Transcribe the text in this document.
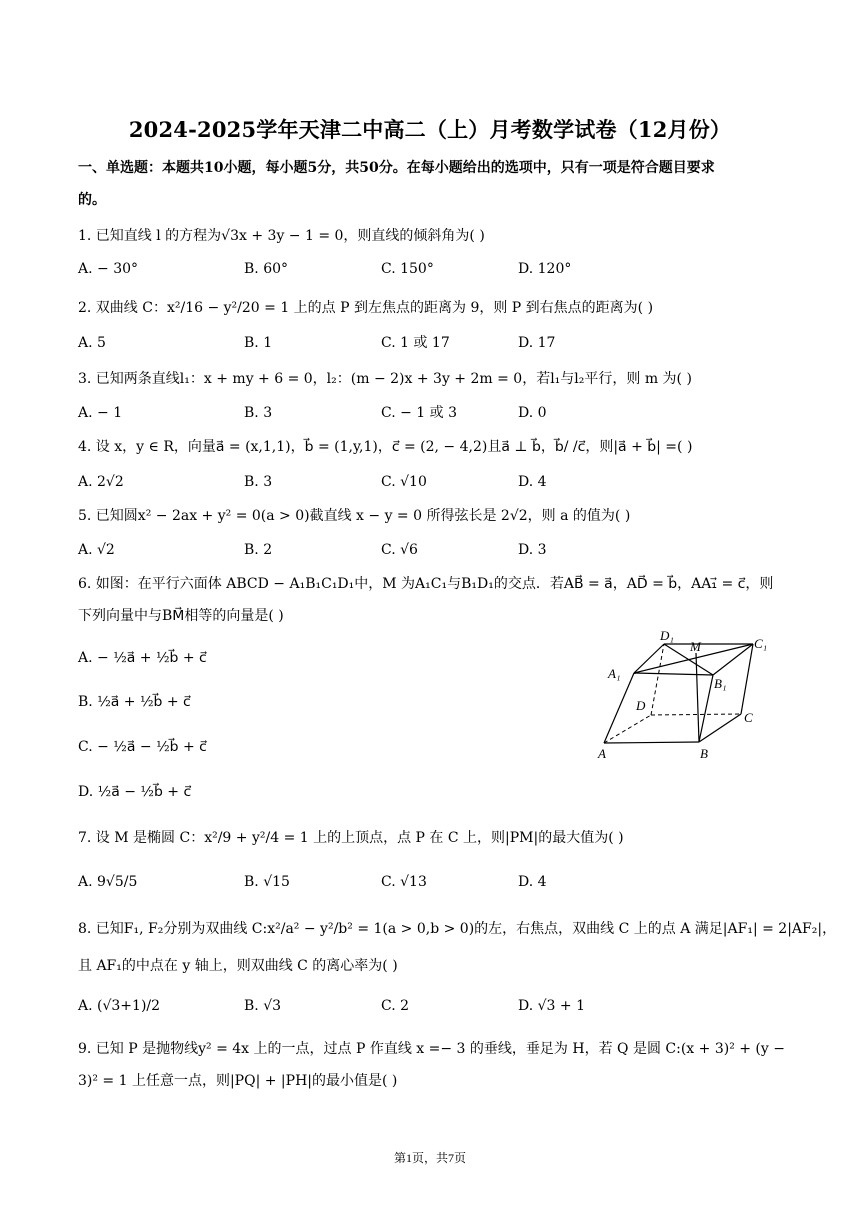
2024-2025学年天津二中高二（上）月考数学试卷（12月份）
一、单选题：本题共10小题，每小题5分，共50分。在每小题给出的选项中，只有一项是符合题目要求
的。
1. 已知直线 l 的方程为√3x + 3y − 1 = 0，则直线的倾斜角为( )
A. − 30°	B. 60°	C. 150°	D. 120°
2. 双曲线 C：x²/16 − y²/20 = 1 上的点 P 到左焦点的距离为 9，则 P 到右焦点的距离为( )
A. 5	B. 1	C. 1 或 17	D. 17
3. 已知两条直线l₁：x + my + 6 = 0，l₂：(m − 2)x + 3y + 2m = 0，若l₁与l₂平行，则 m 为( )
A. − 1	B. 3	C. − 1 或 3	D. 0
4. 设 x，y ∈ R，向量a⃗ = (x,1,1)，b⃗ = (1,y,1)，c⃗ = (2, − 4,2)且a⃗ ⊥ b⃗，b⃗/ /c⃗，则|a⃗ + b⃗| =( )
A. 2√2	B. 3	C. √10	D. 4
5. 已知圆x² − 2ax + y² = 0(a > 0)截直线 x − y = 0 所得弦长是 2√2，则 a 的值为( )
A. √2	B. 2	C. √6	D. 3
6. 如图：在平行六面体 ABCD − A₁B₁C₁D₁中，M 为A₁C₁与B₁D₁的交点．若AB⃗ = a⃗，AD⃗ = b⃗，AA₁⃗ = c⃗，则
下列向量中与BM⃗相等的向量是( )
A. − ½a⃗ + ½b⃗ + c⃗
B. ½a⃗ + ½b⃗ + c⃗
C. − ½a⃗ − ½b⃗ + c⃗
D. ½a⃗ − ½b⃗ + c⃗
A	B
C
D
A₁
B₁
C₁
D₁
M
7. 设 M 是椭圆 C：x²/9 + y²/4 = 1 上的上顶点，点 P 在 C 上，则|PM|的最大值为( )
A. 9√5/5	B. √15	C. √13	D. 4
8. 已知F₁, F₂分别为双曲线 C:x²/a² − y²/b² = 1(a > 0,b > 0)的左，右焦点，双曲线 C 上的点 A 满足|AF₁| = 2|AF₂|，
且 AF₁的中点在 y 轴上，则双曲线 C 的离心率为( )
A. (√3+1)/2	B. √3	C. 2	D. √3 + 1
9. 已知 P 是抛物线y² = 4x 上的一点，过点 P 作直线 x =− 3 的垂线，垂足为 H，若 Q 是圆 C:(x + 3)² + (y −
3)² = 1 上任意一点，则|PQ| + |PH|的最小值是( )
第1页，共7页
